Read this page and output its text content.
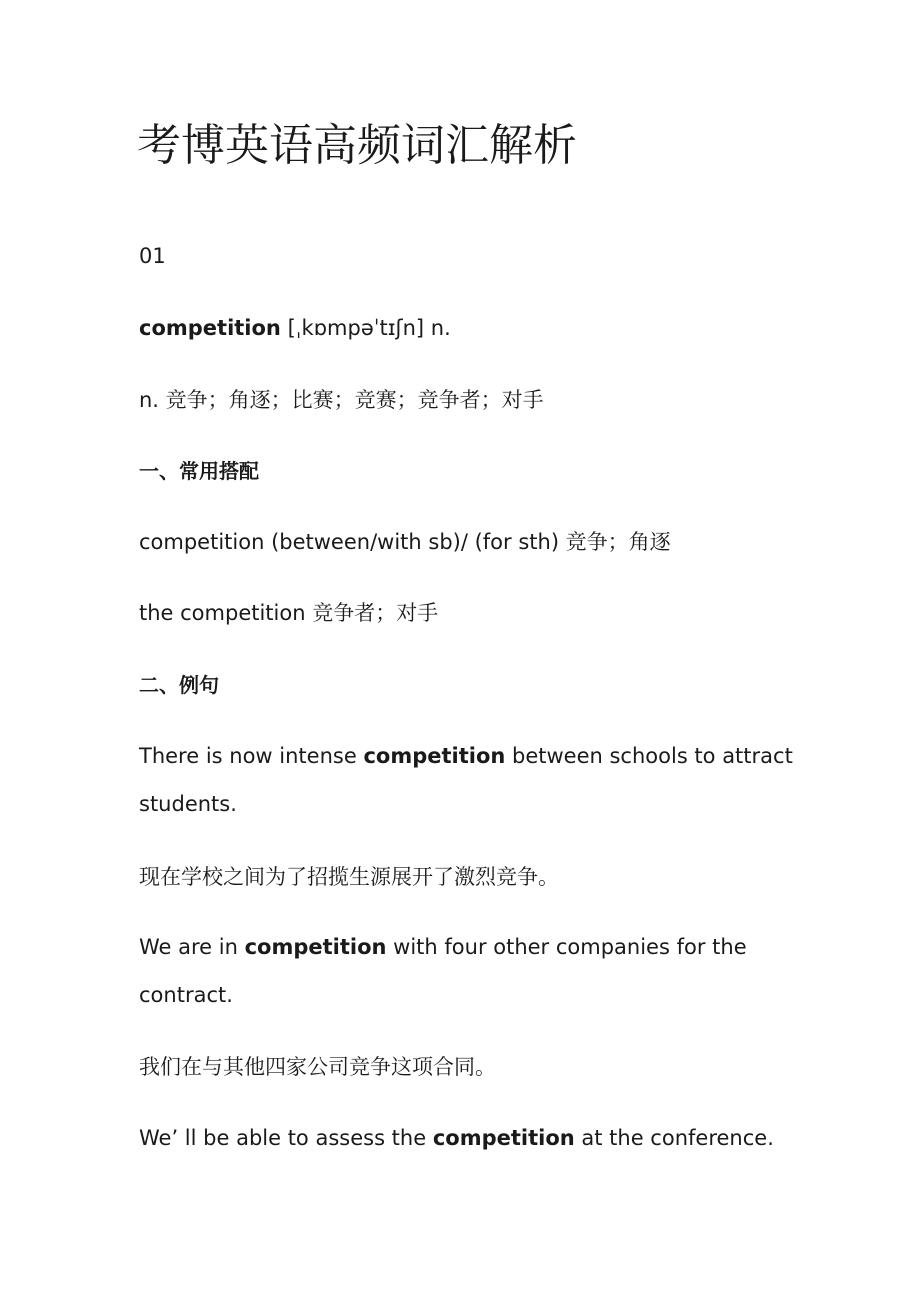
考博英语高频词汇解析
01
competition [ˌkɒmpəˈtɪʃn] n.
n. 竞争；角逐；比赛；竞赛；竞争者；对手
一、常用搭配
competition (between/with sb)/ (for sth) 竞争；角逐
the competition 竞争者；对手
二、例句
There is now intense competition between schools to attract
students.
现在学校之间为了招揽生源展开了激烈竞争。
We are in competition with four other companies for the
contract.
我们在与其他四家公司竞争这项合同。
We’ ll be able to assess the competition at the conference.
